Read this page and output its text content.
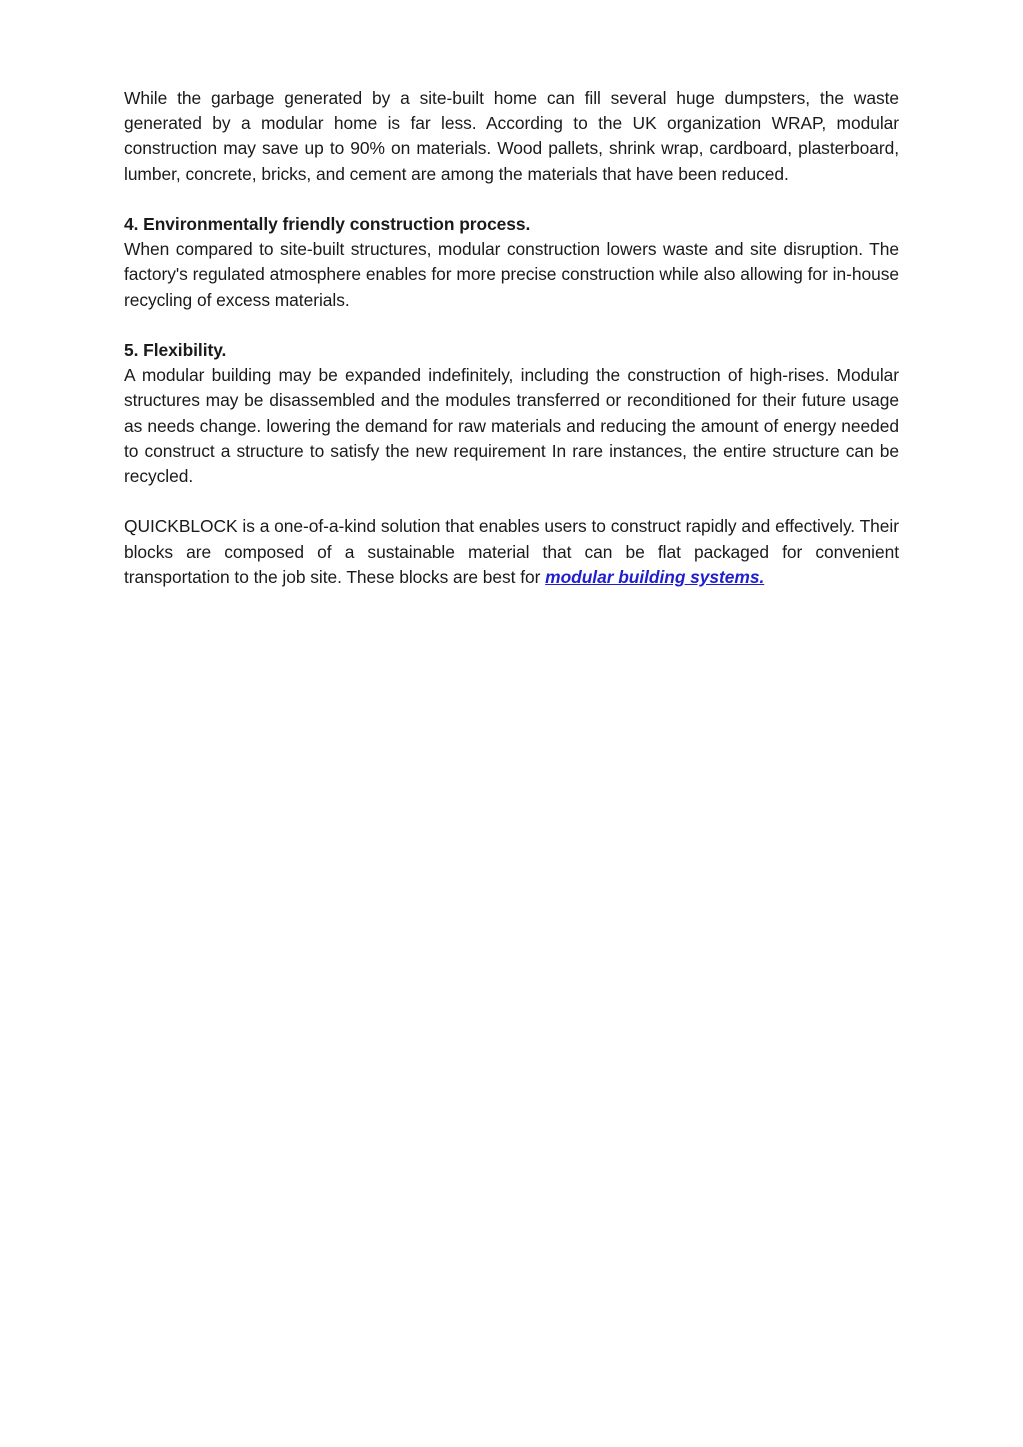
While the garbage generated by a site-built home can fill several huge dumpsters, the waste generated by a modular home is far less. According to the UK organization WRAP, modular construction may save up to 90% on materials. Wood pallets, shrink wrap, cardboard, plasterboard, lumber, concrete, bricks, and cement are among the materials that have been reduced.

4. Environmentally friendly construction process.
When compared to site-built structures, modular construction lowers waste and site disruption. The factory's regulated atmosphere enables for more precise construction while also allowing for in-house recycling of excess materials.
5. Flexibility.
A modular building may be expanded indefinitely, including the construction of high-rises. Modular structures may be disassembled and the modules transferred or reconditioned for their future usage as needs change. lowering the demand for raw materials and reducing the amount of energy needed to construct a structure to satisfy the new requirement In rare instances, the entire structure can be recycled.

QUICKBLOCK is a one-of-a-kind solution that enables users to construct rapidly and effectively. Their blocks are composed of a sustainable material that can be flat packaged for convenient transportation to the job site. These blocks are best for modular building systems.
